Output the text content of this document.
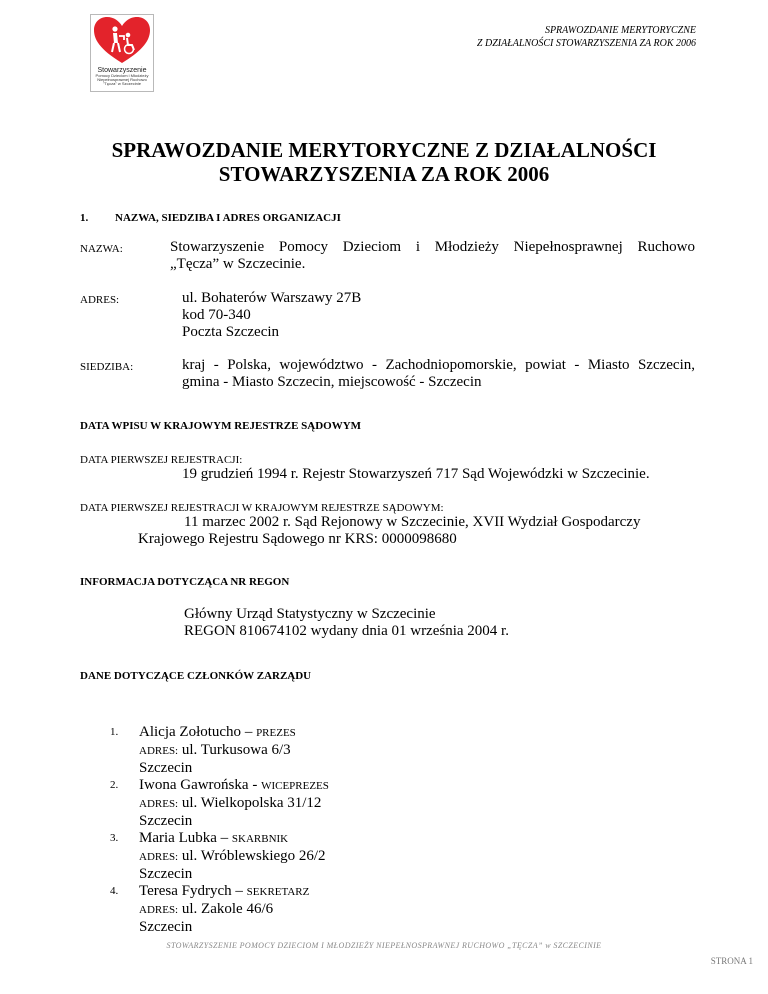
Stowarzyszenie
Pomocy Dzieciom i Młodzieży
Niepełnosprawnej Ruchowo
"Tęcza" w Szczecinie
SPRAWOZDANIE MERYTORYCZNE
Z DZIAŁALNOŚCI STOWARZYSZENIA ZA ROK 2006
SPRAWOZDANIE MERYTORYCZNE Z DZIAŁALNOŚCI
STOWARZYSZENIA ZA ROK 2006
1. NAZWA, SIEDZIBA I ADRES ORGANIZACJI
NAZWA:	Stowarzyszenie Pomocy Dzieciom i Młodzieży Niepełnosprawnej Ruchowo
„Tęcza” w Szczecinie.
ADRES:	ul. Bohaterów Warszawy 27B
kod 70-340
Poczta Szczecin
SIEDZIBA:	kraj - Polska, województwo - Zachodniopomorskie, powiat - Miasto Szczecin,
gmina - Miasto Szczecin, miejscowość - Szczecin
DATA WPISU W KRAJOWYM REJESTRZE SĄDOWYM
DATA PIERWSZEJ REJESTRACJI:
19 grudzień 1994 r. Rejestr Stowarzyszeń 717 Sąd Wojewódzki w Szczecinie.
DATA PIERWSZEJ REJESTRACJI W KRAJOWYM REJESTRZE SĄDOWYM:
11 marzec 2002 r. Sąd Rejonowy w Szczecinie, XVII Wydział Gospodarczy
Krajowego Rejestru Sądowego nr KRS: 0000098680
INFORMACJA DOTYCZĄCA NR REGON
Główny Urząd Statystyczny w Szczecinie
REGON 810674102 wydany dnia 01 września 2004 r.
DANE DOTYCZĄCE CZŁONKÓW ZARZĄDU
1.	Alicja Zołotucho – PREZES
ADRES: ul. Turkusowa 6/3
Szczecin
2.	Iwona Gawrońska - WICEPREZES
ADRES: ul. Wielkopolska 31/12
Szczecin
3.	Maria Lubka – SKARBNIK
ADRES: ul. Wróblewskiego 26/2
Szczecin
4.	Teresa Fydrych – SEKRETARZ
ADRES: ul. Zakole 46/6
Szczecin
STOWARZYSZENIE POMOCY DZIECIOM I MŁODZIEŻY NIEPEŁNOSPRAWNEJ RUCHOWO „TĘCZA” w SZCZECINIE
STRONA 1
